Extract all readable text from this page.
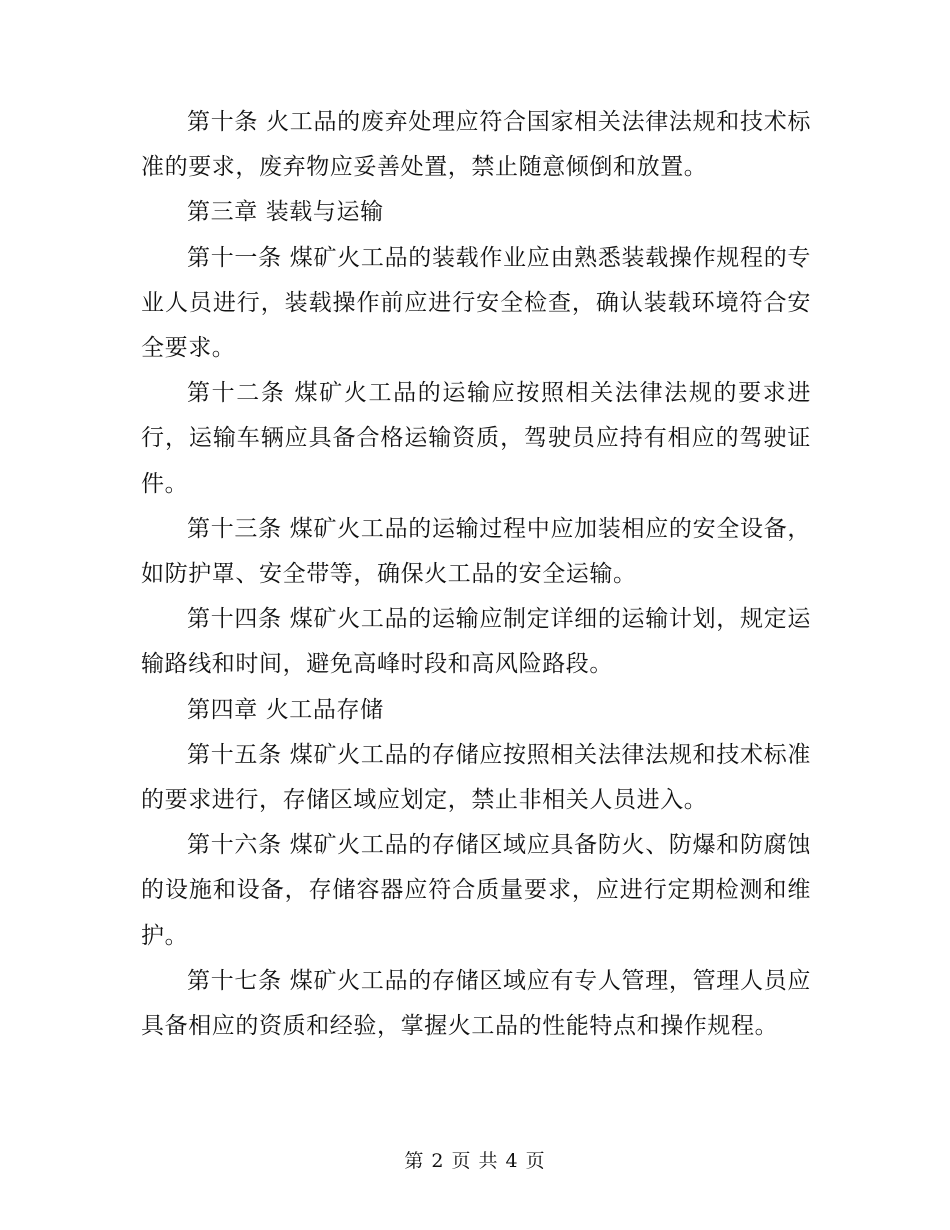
第十条 火工品的废弃处理应符合国家相关法律法规和技术标准的要求，废弃物应妥善处置，禁止随意倾倒和放置。

第三章 装载与运输

第十一条 煤矿火工品的装载作业应由熟悉装载操作规程的专业人员进行，装载操作前应进行安全检查，确认装载环境符合安全要求。

第十二条 煤矿火工品的运输应按照相关法律法规的要求进行，运输车辆应具备合格运输资质，驾驶员应持有相应的驾驶证件。

第十三条 煤矿火工品的运输过程中应加装相应的安全设备，如防护罩、安全带等，确保火工品的安全运输。

第十四条 煤矿火工品的运输应制定详细的运输计划，规定运输路线和时间，避免高峰时段和高风险路段。

第四章 火工品存储

第十五条 煤矿火工品的存储应按照相关法律法规和技术标准的要求进行，存储区域应划定，禁止非相关人员进入。

第十六条 煤矿火工品的存储区域应具备防火、防爆和防腐蚀的设施和设备，存储容器应符合质量要求，应进行定期检测和维护。

第十七条 煤矿火工品的存储区域应有专人管理，管理人员应具备相应的资质和经验，掌握火工品的性能特点和操作规程。

第 2 页 共 4 页
